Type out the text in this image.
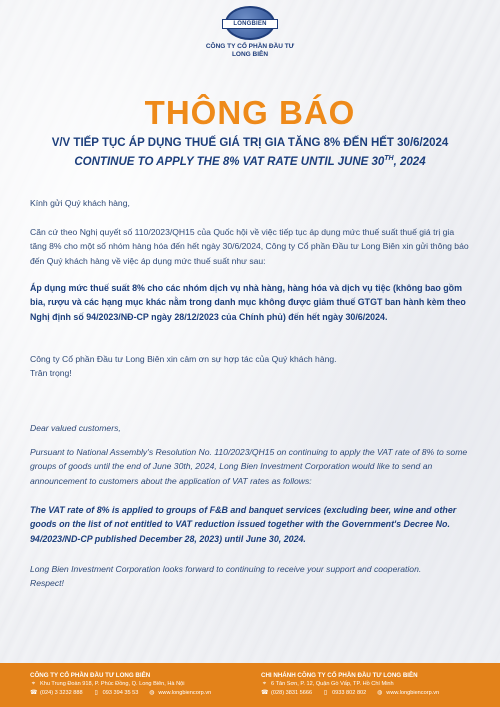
LONGBIEN
CÔNG TY CỔ PHẦN ĐẦU TƯ
LONG BIÊN
THÔNG BÁO
V/V TIẾP TỤC ÁP DỤNG THUẾ GIÁ TRỊ GIA TĂNG 8% ĐẾN HẾT 30/6/2024
CONTINUE TO APPLY THE 8% VAT RATE UNTIL JUNE 30TH, 2024
Kính gửi Quý khách hàng,
Căn cứ theo Nghị quyết số 110/2023/QH15 của Quốc hội về việc tiếp tục áp dụng mức thuế suất thuế giá trị gia tăng 8% cho một số nhóm hàng hóa đến hết ngày 30/6/2024, Công ty Cổ phần Đầu tư Long Biên xin gửi thông báo đến Quý khách hàng về việc áp dụng mức thuế suất như sau:
Áp dụng mức thuế suất 8% cho các nhóm dịch vụ nhà hàng, hàng hóa và dịch vụ tiệc (không bao gồm bia, rượu và các hạng mục khác nằm trong danh mục không được giảm thuế GTGT ban hành kèm theo Nghị định số 94/2023/NĐ-CP ngày 28/12/2023 của Chính phủ) đến hết ngày 30/6/2024.

Công ty Cổ phần Đầu tư Long Biên xin cảm ơn sự hợp tác của Quý khách hàng.

Trân trọng!

Dear valued customers,
Pursuant to National Assembly's Resolution No. 110/2023/QH15 on continuing to apply the VAT rate of 8% to some groups of goods until the end of June 30th, 2024, Long Bien Investment Corporation would like to send an announcement to customers about the application of VAT rates as follows:
The VAT rate of 8% is applied to groups of F&B and banquet services (excluding beer, wine and other goods on the list of not entitled to VAT reduction issued together with the Government's Decree No. 94/2023/ND-CP published December 28, 2023) until June 30, 2024.

Long Bien Investment Corporation looks forward to continuing to receive your support and cooperation.

Respect!

CÔNG TY CỔ PHẦN ĐẦU TƯ LONG BIÊN
⌖ Khu Trung Đoàn 918, P. Phúc Đồng, Q. Long Biên, Hà Nội
☎ (024) 3 3232 888 ▯ 093 394 35 53 ◍ www.longbiencorp.vn
CHI NHÁNH CÔNG TY CỔ PHẦN ĐẦU TƯ LONG BIÊN
⌖ 6 Tân Sơn, P. 12, Quận Gò Vấp, TP. Hồ Chí Minh
☎ (028) 3831 5666 ▯ 0933 802 802 ◍ www.longbiencorp.vn
